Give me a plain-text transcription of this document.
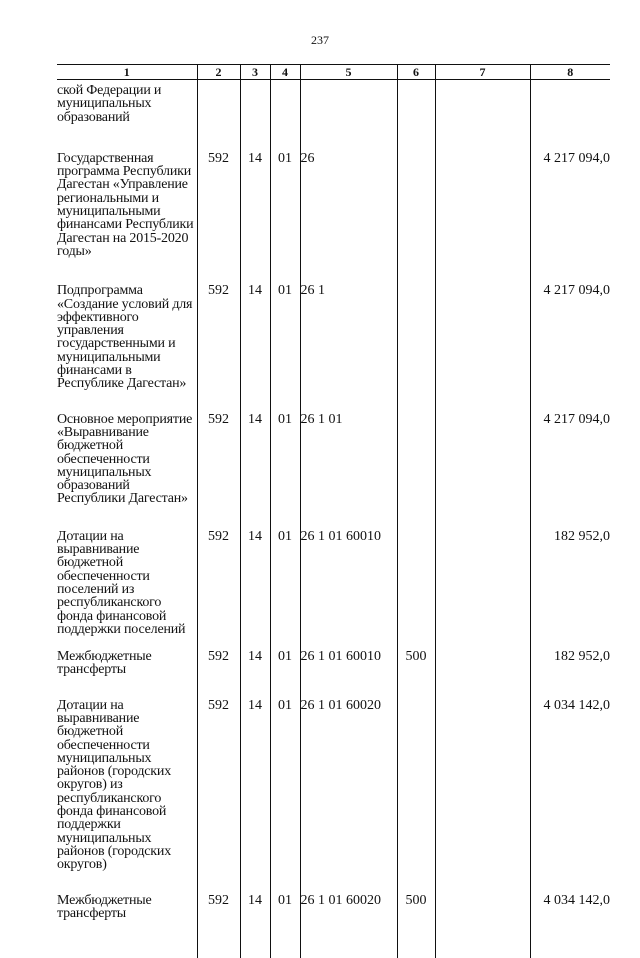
237
1	2	3	4	5	6	7	8
ской Федерации и муниципальных образований							
Государственная программа Республики Дагестан «Управление региональными и муниципальными финансами Республики Дагестан на 2015-2020 годы»	592	14	01	26			4 217 094,0
Подпрограмма «Создание условий для эффективного управления государственными и муниципальными финансами в Республике Дагестан»	592	14	01	26 1			4 217 094,0
Основное мероприятие «Выравнивание бюджетной обеспеченности муниципальных образований Республики Дагестан»	592	14	01	26 1 01			4 217 094,0
Дотации на выравнивание бюджетной обеспеченности поселений из республиканского фонда финансовой поддержки поселений	592	14	01	26 1 01 60010			182 952,0
Межбюджетные трансферты	592	14	01	26 1 01 60010	500		182 952,0
Дотации на выравнивание бюджетной обеспеченности муниципальных районов (городских округов) из республиканского фонда финансовой поддержки муниципальных районов (городских округов)	592	14	01	26 1 01 60020			4 034 142,0
Межбюджетные трансферты	592	14	01	26 1 01 60020	500		4 034 142,0
